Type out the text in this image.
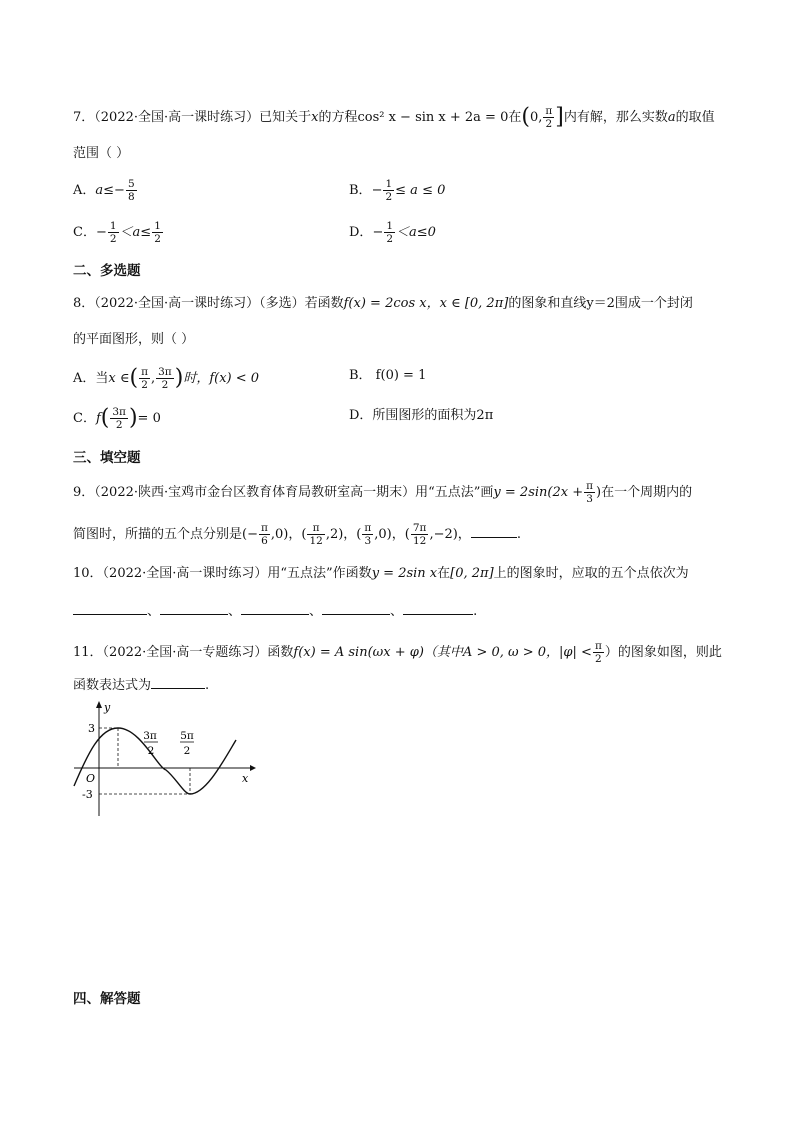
7．（2022·全国·高一课时练习）已知关于x的方程cos² x − sin x + 2a = 0在(0, $\frac{\pi}{2}$ ]内有解，那么实数a的取值
范围（ ）
A．$a\le- \frac{5}{8}$	B．− $\frac{1}{2} \le a \le 0$
C．− $\frac{1}{2} <a\le \frac{1}{2}$	D．− $\frac{1}{2} <a\le 0$
二、多选题
8．（2022·全国·高一课时练习）（多选）若函数f(x) = 2cos x，x ∈ [0, 2π]的图象和直线y＝2围成一个封闭
的平面图形，则（ ）
A．当x ∈( $\frac{\pi}{2}$ , $\frac{3\pi}{2}$ )时，f(x) < 0	B． f(0) = 1
C．$f( \frac{3\pi}{2}$ )= 0	D．所围图形的面积为2π
三、填空题
9．（2022·陕西·宝鸡市金台区教育体育局教研室高一期末）用“五点法”画$y = 2\sin(2x + \frac{\pi}{3}$ )在一个周期内的
简图时，所描的五个点分别是(− $\frac{\pi}{6} ,0$)，( $\frac{\pi}{12} ,2$)，( $\frac{\pi}{3} ,0$)，( $\frac{7\pi}{12} ,-2$)，	.
10．（2022·全国·高一课时练习）用“五点法”作函数y = 2sin x在[0, 2π]上的图象时，应取的五个点依次为
、	、	、	、	.
11．（2022·全国·高一专题练习）函数f(x) = A sin(ωx + φ)（其中A > 0, ω > 0，$|\varphi| < \frac{\pi}{2}$ ）的图象如图，则此
函数表达式为	.
y
x
O
3
-3
3π
2
5π
2
四、解答题
